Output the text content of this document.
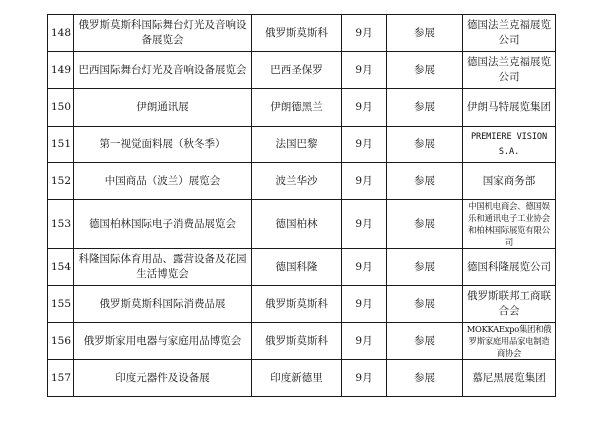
148	俄罗斯莫斯科国际舞台灯光及音响设备展览会	俄罗斯莫斯科	9月	参展	德国法兰克福展览公司
149	巴西国际舞台灯光及音响设备展览会	巴西圣保罗	9月	参展	德国法兰克福展览公司
150	伊朗通讯展	伊朗德黑兰	9月	参展	伊朗马特展览集团
151	第一视觉面料展（秋冬季）	法国巴黎	9月	参展	PREMIERE VISION S.A.
152	中国商品（波兰）展览会	波兰华沙	9月	参展	国家商务部
153	德国柏林国际电子消费品展览会	德国柏林	9月	参展	中国机电商会、德国娱乐和通讯电子工业协会和柏林国际展览有限公司
154	科隆国际体育用品、露营设备及花园生活博览会	德国科隆	9月	参展	德国科隆展览公司
155	俄罗斯莫斯科国际消费品展	俄罗斯莫斯科	9月	参展	俄罗斯联邦工商联合会
156	俄罗斯家用电器与家庭用品博览会	俄罗斯莫斯科	9月	参展	MOKKAExpo集团和俄罗斯家庭用品家电制造商协会
157	印度元器件及设备展	印度新德里	9月	参展	慕尼黑展览集团
